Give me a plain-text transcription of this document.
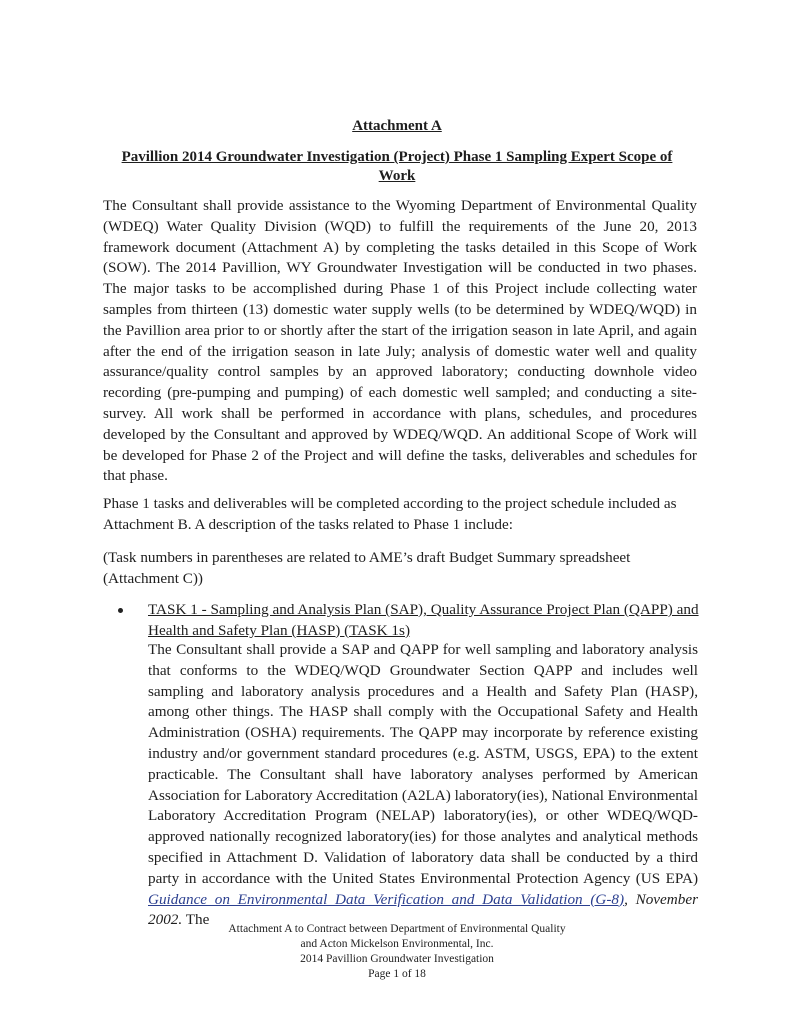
Attachment A
Pavillion 2014 Groundwater Investigation (Project) Phase 1 Sampling Expert Scope of Work

The Consultant shall provide assistance to the Wyoming Department of Environmental Quality (WDEQ) Water Quality Division (WQD) to fulfill the requirements of the June 20, 2013 framework document (Attachment A) by completing the tasks detailed in this Scope of Work (SOW). The 2014 Pavillion, WY Groundwater Investigation will be conducted in two phases. The major tasks to be accomplished during Phase 1 of this Project include collecting water samples from thirteen (13) domestic water supply wells (to be determined by WDEQ/WQD) in the Pavillion area prior to or shortly after the start of the irrigation season in late April, and again after the end of the irrigation season in late July; analysis of domestic water well and quality assurance/quality control samples by an approved laboratory; conducting downhole video recording (pre-pumping and pumping) of each domestic well sampled; and conducting a site-survey. All work shall be performed in accordance with plans, schedules, and procedures developed by the Consultant and approved by WDEQ/WQD. An additional Scope of Work will be developed for Phase 2 of the Project and will define the tasks, deliverables and schedules for that phase.

Phase 1 tasks and deliverables will be completed according to the project schedule included as Attachment B. A description of the tasks related to Phase 1 include:

(Task numbers in parentheses are related to AME’s draft Budget Summary spreadsheet (Attachment C))

TASK 1 - Sampling and Analysis Plan (SAP), Quality Assurance Project Plan (QAPP) and Health and Safety Plan (HASP) (TASK 1s)

The Consultant shall provide a SAP and QAPP for well sampling and laboratory analysis that conforms to the WDEQ/WQD Groundwater Section QAPP and includes well sampling and laboratory analysis procedures and a Health and Safety Plan (HASP), among other things. The HASP shall comply with the Occupational Safety and Health Administration (OSHA) requirements. The QAPP may incorporate by reference existing industry and/or government standard procedures (e.g. ASTM, USGS, EPA) to the extent practicable. The Consultant shall have laboratory analyses performed by American Association for Laboratory Accreditation (A2LA) laboratory(ies), National Environmental Laboratory Accreditation Program (NELAP) laboratory(ies), or other WDEQ/WQD-approved nationally recognized laboratory(ies) for those analytes and analytical methods specified in Attachment D. Validation of laboratory data shall be conducted by a third party in accordance with the United States Environmental Protection Agency (US EPA) Guidance on Environmental Data Verification and Data Validation (G-8), November 2002. The

Attachment A to Contract between Department of Environmental Quality
and Acton Mickelson Environmental, Inc.
2014 Pavillion Groundwater Investigation
Page 1 of 18
